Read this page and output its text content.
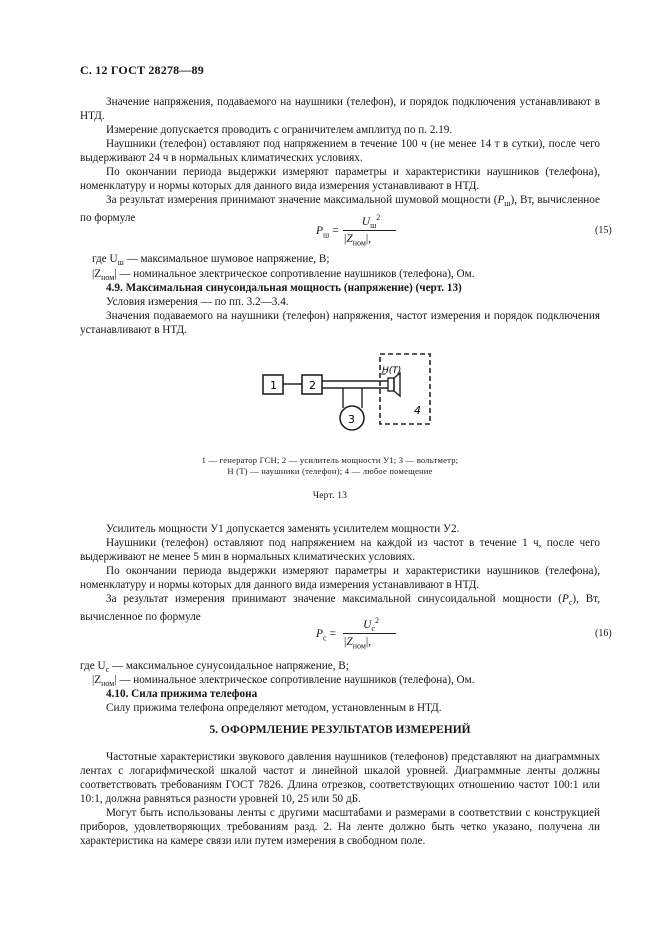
С. 12 ГОСТ 28278—89

Значение напряжения, подаваемого на наушники (телефон), и порядок подключения устанавливают в НТД.

Измерение допускается проводить с ограничителем амплитуд по п. 2.19.

Наушники (телефон) оставляют под напряжением в течение 100 ч (не менее 14 т в сутки), после чего выдерживают 24 ч в нормальных климатических условиях.

По окончании периода выдержки измеряют параметры и характеристики наушников (телефона), номенклатуру и нормы которых для данного вида измерения устанавливают в НТД.

За результат измерения принимают значение максимальной шумовой мощности $(P_ш)$, Вт, вычисленное по формуле

$P_ш$ =
$U_ш^2$
$|Z_{ном}|$,
(15)

где $U_ш$ — максимальное шумовое напряжение, В;

$|Z_{ном}|$ — номинальное электрическое сопротивление наушников (телефона), Ом.

4.9. Максимальная синусоидальная мощность (напряжение) (черт. 13)

Условия измерения — по пп. 3.2—3.4.

Значения подаваемого на наушники (телефон) напряжения, частот измерения и порядок подключения устанавливают в НТД.

1	2
3
4
Н(Т)
1 — генератор ГСН; 2 — усилитель мощности У1; 3 — вольтметр;
Н (Т) — наушники (телефон); 4 — любое помещение
Черт. 13

Усилитель мощности У1 допускается заменять усилителем мощности У2.

Наушники (телефон) оставляют под напряжением на каждой из частот в течение 1 ч, после чего выдерживают не менее 5 мин в нормальных климатических условиях.

По окончании периода выдержки измеряют параметры и характеристики наушников (телефона), номенклатуру и нормы которых для данного вида измерения устанавливают в НТД.

За результат измерения принимают значение максимальной синусоидальной мощности $(P_с)$, Вт, вычисленное по формуле

$P_с$ =
$U_с^2$
$|Z_{ном}|$,
(16)

где $U_с$ — максимальное сунусоидальное напряжение, В;

$|Z_{ном}|$ — номинальное электрическое сопротивление наушников (телефона), Ом.

4.10. Сила прижима телефона

Силу прижима телефона определяют методом, установленным в НТД.

5. ОФОРМЛЕНИЕ РЕЗУЛЬТАТОВ ИЗМЕРЕНИЙ

Частотные характеристики звукового давления наушников (телефонов) представляют на диаграммных лентах с логарифмической шкалой частот и линейной шкалой уровней. Диаграммные ленты должны соответствовать требованиям ГОСТ 7826. Длина отрезков, соответствующих отношению частот 100:1 или 10:1, должна равняться разности уровней 10, 25 или 50 дБ.

Могут быть использованы ленты с другими масштабами и размерами в соответствии с конструкцией приборов, удовлетворяющих требованиям разд. 2. На ленте должно быть четко указано, получена ли характеристика на камере связи или путем измерения в свободном поле.
